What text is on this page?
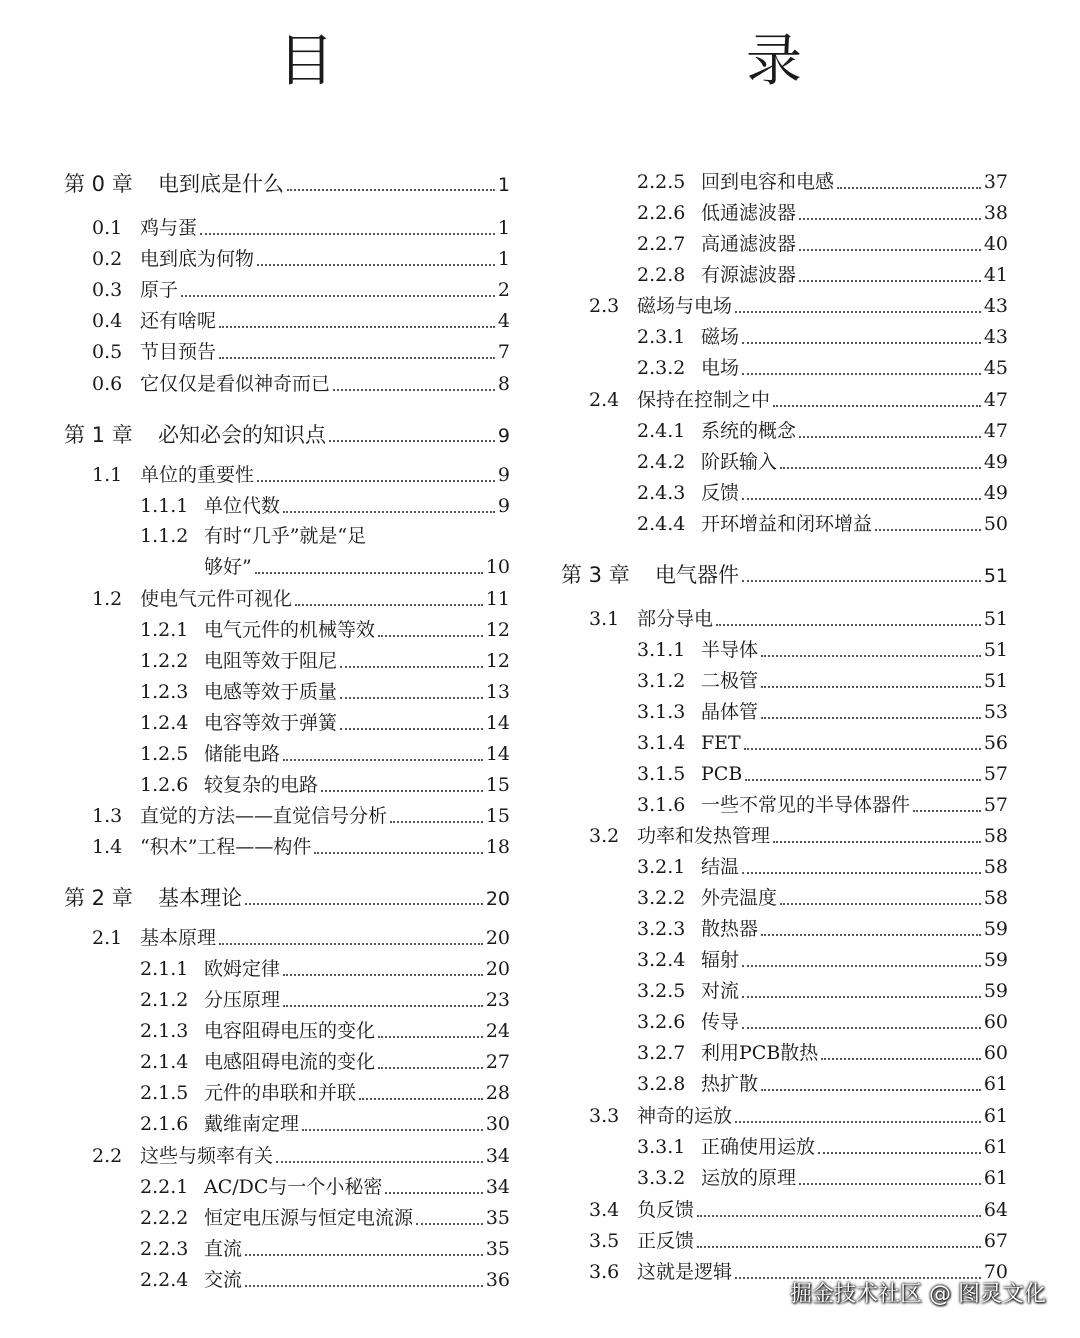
目　　录
第 0 章	电到底是什么	1
0.1 鸡与蛋	1
0.2 电到底为何物	1
0.3 原子	2
0.4 还有啥呢	4
0.5 节目预告	7
0.6 它仅仅是看似神奇而已	8
第 1 章	必知必会的知识点	9
1.1 单位的重要性	9
1.1.1 单位代数	9
1.1.2 有时“几乎”就是“足
够好”	10
1.2 使电气元件可视化	11
1.2.1 电气元件的机械等效	12
1.2.2 电阻等效于阻尼	12
1.2.3 电感等效于质量	13
1.2.4 电容等效于弹簧	14
1.2.5 储能电路	14
1.2.6 较复杂的电路	15
1.3 直觉的方法——直觉信号分析	15
1.4 “积木”工程——构件	18
第 2 章	基本理论	20
2.1 基本原理	20
2.1.1 欧姆定律	20
2.1.2 分压原理	23
2.1.3 电容阻碍电压的变化	24
2.1.4 电感阻碍电流的变化	27
2.1.5 元件的串联和并联	28
2.1.6 戴维南定理	30
2.2 这些与频率有关	34
2.2.1 AC/DC与一个小秘密	34
2.2.2 恒定电压源与恒定电流源	35
2.2.3 直流	35
2.2.4 交流	36
2.2.5 回到电容和电感	37
2.2.6 低通滤波器	38
2.2.7 高通滤波器	40
2.2.8 有源滤波器	41
2.3 磁场与电场	43
2.3.1 磁场	43
2.3.2 电场	45
2.4 保持在控制之中	47
2.4.1 系统的概念	47
2.4.2 阶跃输入	49
2.4.3 反馈	49
2.4.4 开环增益和闭环增益	50
第 3 章	电气器件	51
3.1 部分导电	51
3.1.1 半导体	51
3.1.2 二极管	51
3.1.3 晶体管	53
3.1.4 FET	56
3.1.5 PCB	57
3.1.6 一些不常见的半导体器件	57
3.2 功率和发热管理	58
3.2.1 结温	58
3.2.2 外壳温度	58
3.2.3 散热器	59
3.2.4 辐射	59
3.2.5 对流	59
3.2.6 传导	60
3.2.7 利用PCB散热	60
3.2.8 热扩散	61
3.3 神奇的运放	61
3.3.1 正确使用运放	61
3.3.2 运放的原理	61
3.4 负反馈	64
3.5 正反馈	67
3.6 这就是逻辑	70
掘金技术社区 @ 图灵文化
